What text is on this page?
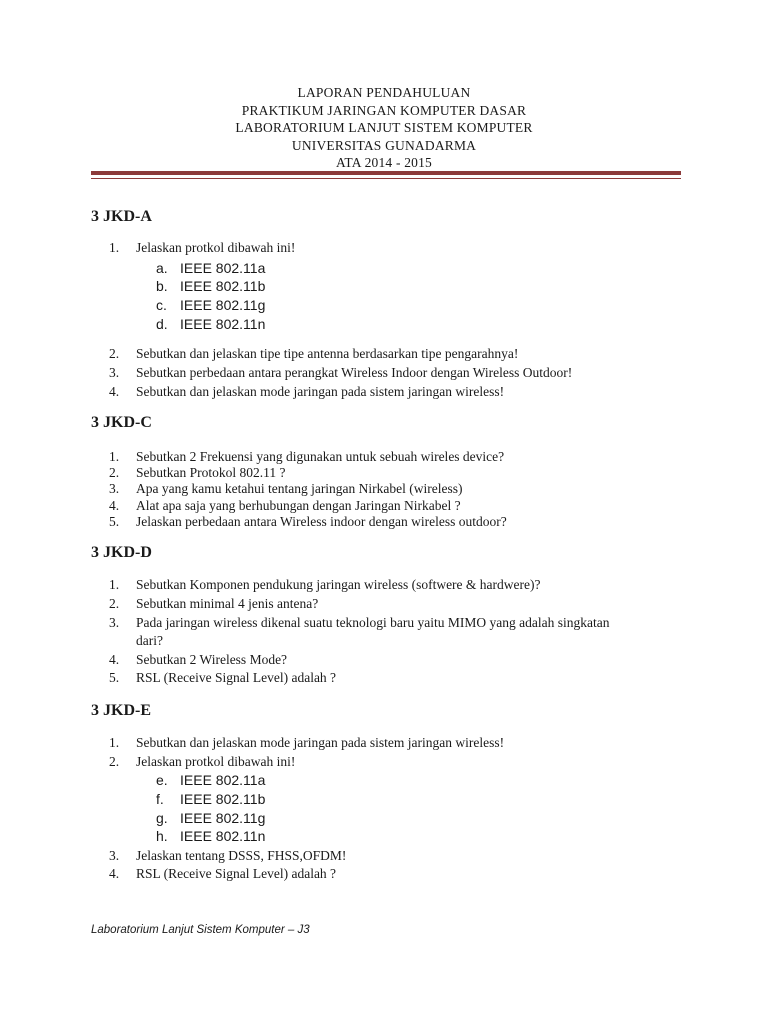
LAPORAN PENDAHULUAN
PRAKTIKUM JARINGAN KOMPUTER DASAR
LABORATORIUM LANJUT SISTEM KOMPUTER
UNIVERSITAS GUNADARMA
ATA 2014 - 2015
3 JKD-A
1.	Jelaskan protkol dibawah ini!
a. IEEE 802.11a
b. IEEE 802.11b
c. IEEE 802.11g
d. IEEE 802.11n
2.	Sebutkan dan jelaskan tipe tipe antenna berdasarkan tipe pengarahnya!
3.	Sebutkan perbedaan antara perangkat Wireless Indoor dengan Wireless Outdoor!
4.	Sebutkan dan jelaskan mode jaringan pada sistem jaringan wireless!
3 JKD-C
1.	Sebutkan 2 Frekuensi yang digunakan untuk sebuah wireles device?
2.	Sebutkan Protokol 802.11 ?
3.	Apa yang kamu ketahui tentang jaringan Nirkabel (wireless)
4.	Alat apa saja yang berhubungan dengan Jaringan Nirkabel ?
5.	Jelaskan perbedaan antara Wireless indoor dengan wireless outdoor?
3 JKD-D
1.	Sebutkan Komponen pendukung jaringan wireless (softwere & hardwere)?
2.	Sebutkan minimal 4 jenis antena?
3.	Pada jaringan wireless dikenal suatu teknologi baru yaitu MIMO yang adalah singkatan
dari?
4.	Sebutkan 2 Wireless Mode?
5.	RSL (Receive Signal Level) adalah ?
3 JKD-E
1.	Sebutkan dan jelaskan mode jaringan pada sistem jaringan wireless!
2.	Jelaskan protkol dibawah ini!
e. IEEE 802.11a
f.	IEEE 802.11b
g. IEEE 802.11g
h. IEEE 802.11n
3.	Jelaskan tentang DSSS, FHSS,OFDM!
4.	RSL (Receive Signal Level) adalah ?
Laboratorium Lanjut Sistem Komputer – J3
